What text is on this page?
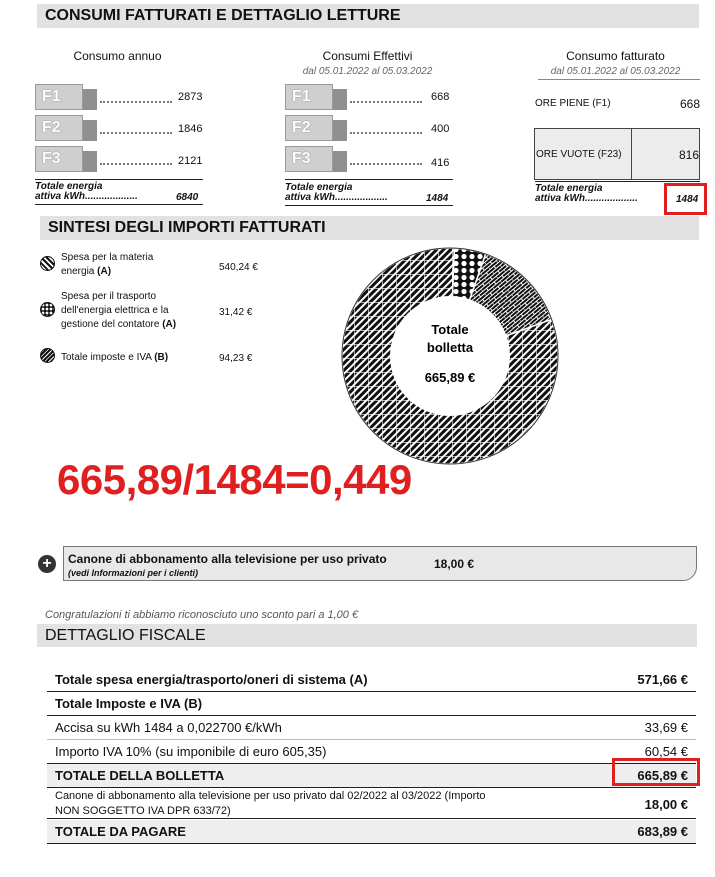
CONSUMI FATTURATI E DETTAGLIO LETTURE
Consumo annuo
F1	2873
F2	1846
F3	2121
Totale energia
attiva kWh...................	6840
Consumi Effettivi
dal 05.01.2022 al 05.03.2022
F1	668
F2	400
F3	416
Totale energia
attiva kWh...................	1484
Consumo fatturato
dal 05.01.2022 al 05.03.2022
ORE PIENE (F1)	668
ORE VUOTE (F23)	816
Totale energia
attiva kWh...................	1484
SINTESI DEGLI IMPORTI FATTURATI
Spesa per la materia
energia (A)	540,24 €
Spesa per il trasporto
dell'energia elettrica e la
gestione del contatore (A)
31,42 €
Totale imposte e IVA (B)	94,23 €
Totale
bolletta
665,89 €
665,89/1484=0,449
+	Canone di abbonamento alla televisione per uso privato
(vedi Informazioni per i clienti)
18,00 €
Congratulazioni ti abbiamo riconosciuto uno sconto pari a 1,00 €
DETTAGLIO FISCALE
Totale spesa energia/trasporto/oneri di sistema (A)	571,66 €
Totale Imposte e IVA (B)
Accisa su kWh 1484 a 0,022700 €/kWh	33,69 €
Importo IVA 10% (su imponibile di euro 605,35)	60,54 €
TOTALE DELLA BOLLETTA	665,89 €
Canone di abbonamento alla televisione per uso privato dal 02/2022 al 03/2022 (Importo
NON SOGGETTO IVA DPR 633/72)	18,00 €
TOTALE DA PAGARE	683,89 €
